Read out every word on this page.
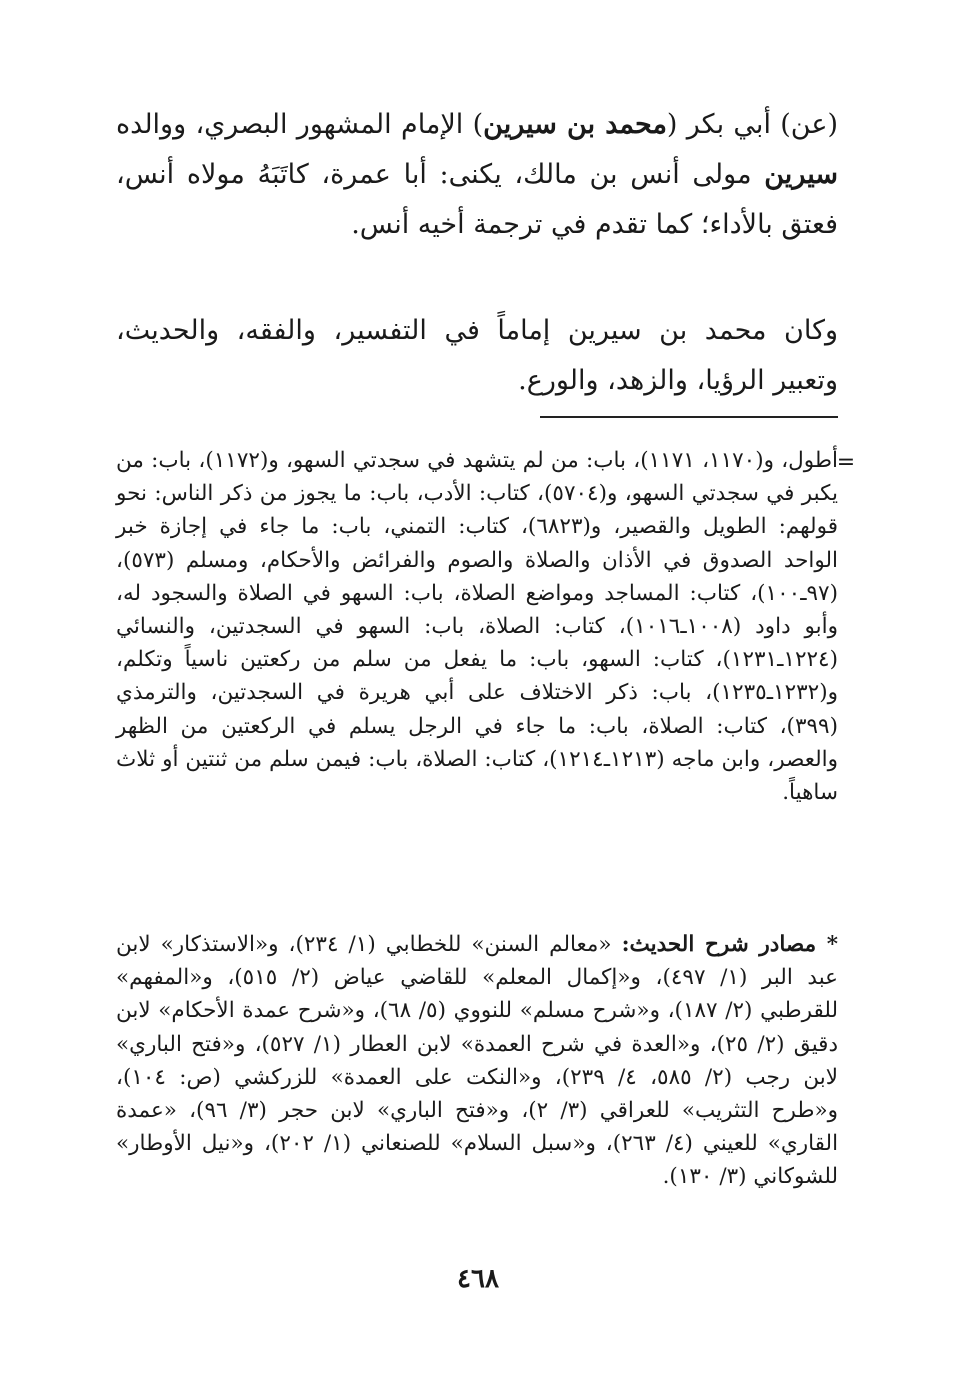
(عن) أبي بكر (محمد بن سيرين) الإمام المشهور البصري، ووالده سيرين مولى أنس بن مالك، يكنى: أبا عمرة، كاتَبَهُ مولاه أنس، فعتق بالأداء؛ كما تقدم في ترجمة أخيه أنس.

وكان محمد بن سيرين إماماً في التفسير، والفقه، والحديث، وتعبير الرؤيا، والزهد، والورع.

=

أطول، و(١١٧٠، ١١٧١)، باب: من لم يتشهد في سجدتي السهو، و(١١٧٢)، باب: من يكبر في سجدتي السهو، و(٥٧٠٤)، كتاب: الأدب، باب: ما يجوز من ذكر الناس: نحو قولهم: الطويل والقصير، و(٦٨٢٣)، كتاب: التمني، باب: ما جاء في إجازة خبر الواحد الصدوق في الأذان والصلاة والصوم والفرائض والأحكام، ومسلم (٥٧٣)، (٩٧ـ١٠٠)، كتاب: المساجد ومواضع الصلاة، باب: السهو في الصلاة والسجود له، وأبو داود (١٠٠٨ـ١٠١٦)، كتاب: الصلاة، باب: السهو في السجدتين، والنسائي (١٢٢٤ـ١٢٣١)، كتاب: السهو، باب: ما يفعل من سلم من ركعتين ناسياً وتكلم، و(١٢٣٢ـ١٢٣٥)، باب: ذكر الاختلاف على أبي هريرة في السجدتين، والترمذي (٣٩٩)، كتاب: الصلاة، باب: ما جاء في الرجل يسلم في الركعتين من الظهر والعصر، وابن ماجه (١٢١٣ـ١٢١٤)، كتاب: الصلاة، باب: فيمن سلم من ثنتين أو ثلاث ساهياً.

* مصادر شرح الحديث: «معالم السنن» للخطابي (١/ ٢٣٤)، و«الاستذكار» لابن عبد البر (١/ ٤٩٧)، و«إكمال المعلم» للقاضي عياض (٢/ ٥١٥)، و«المفهم» للقرطبي (٢/ ١٨٧)، و«شرح مسلم» للنووي (٥/ ٦٨)، و«شرح عمدة الأحكام» لابن دقيق (٢/ ٢٥)، و«العدة في شرح العمدة» لابن العطار (١/ ٥٢٧)، و«فتح الباري» لابن رجب (٢/ ٥٨٥، ٤/ ٢٣٩)، و«النكت على العمدة» للزركشي (ص: ١٠٤)، و«طرح التثريب» للعراقي (٣/ ٢)، و«فتح الباري» لابن حجر (٣/ ٩٦)، «عمدة القاري» للعيني (٤/ ٢٦٣)، و«سبل السلام» للصنعاني (١/ ٢٠٢)، و«نيل الأوطار» للشوكاني (٣/ ١٣٠).

٤٦٨
